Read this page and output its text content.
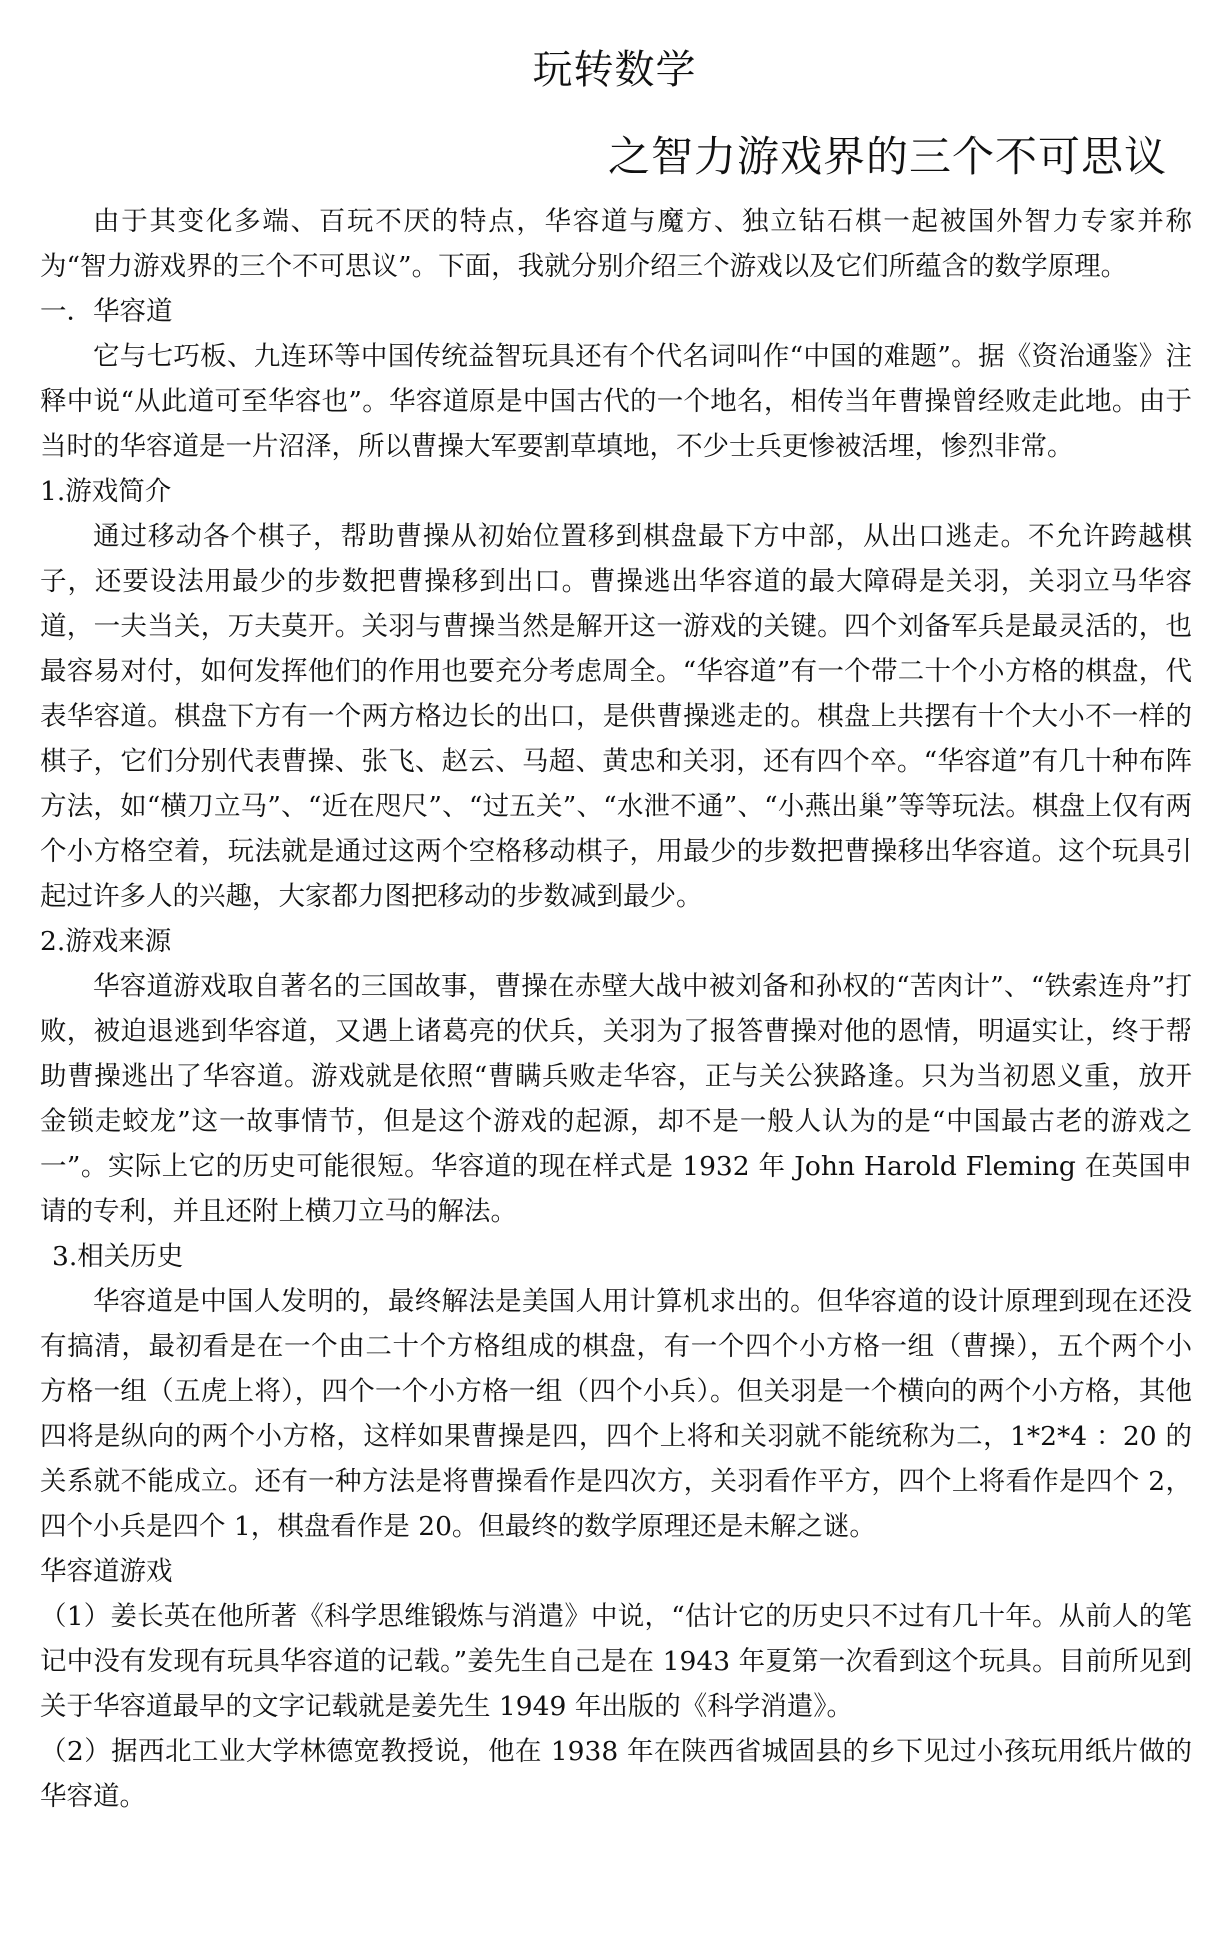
玩转数学
之智力游戏界的三个不可思议

由于其变化多端、百玩不厌的特点，华容道与魔方、独立钻石棋一起被国外智力专家并称为“智力游戏界的三个不可思议”。下面，我就分别介绍三个游戏以及它们所蕴含的数学原理。

一．华容道

它与七巧板、九连环等中国传统益智玩具还有个代名词叫作“中国的难题”。据《资治通鉴》注释中说“从此道可至华容也”。华容道原是中国古代的一个地名，相传当年曹操曾经败走此地。由于当时的华容道是一片沼泽，所以曹操大军要割草填地，不少士兵更惨被活埋，惨烈非常。

1.游戏简介

通过移动各个棋子，帮助曹操从初始位置移到棋盘最下方中部，从出口逃走。不允许跨越棋子，还要设法用最少的步数把曹操移到出口。曹操逃出华容道的最大障碍是关羽，关羽立马华容道，一夫当关，万夫莫开。关羽与曹操当然是解开这一游戏的关键。四个刘备军兵是最灵活的，也最容易对付，如何发挥他们的作用也要充分考虑周全。“华容道”有一个带二十个小方格的棋盘，代表华容道。棋盘下方有一个两方格边长的出口，是供曹操逃走的。棋盘上共摆有十个大小不一样的棋子，它们分别代表曹操、张飞、赵云、马超、黄忠和关羽，还有四个卒。“华容道”有几十种布阵方法，如“横刀立马”、“近在咫尺”、“过五关”、“水泄不通”、“小燕出巢”等等玩法。棋盘上仅有两个小方格空着，玩法就是通过这两个空格移动棋子，用最少的步数把曹操移出华容道。这个玩具引起过许多人的兴趣，大家都力图把移动的步数减到最少。

2.游戏来源

华容道游戏取自著名的三国故事，曹操在赤壁大战中被刘备和孙权的“苦肉计”、“铁索连舟”打败，被迫退逃到华容道，又遇上诸葛亮的伏兵，关羽为了报答曹操对他的恩情，明逼实让，终于帮助曹操逃出了华容道。游戏就是依照“曹瞒兵败走华容，正与关公狭路逢。只为当初恩义重，放开金锁走蛟龙”这一故事情节，但是这个游戏的起源，却不是一般人认为的是“中国最古老的游戏之一”。实际上它的历史可能很短。华容道的现在样式是 1932 年 John Harold Fleming 在英国申请的专利，并且还附上横刀立马的解法。

3.相关历史

华容道是中国人发明的，最终解法是美国人用计算机求出的。但华容道的设计原理到现在还没有搞清，最初看是在一个由二十个方格组成的棋盘，有一个四个小方格一组（曹操），五个两个小方格一组（五虎上将），四个一个小方格一组（四个小兵）。但关羽是一个横向的两个小方格，其他四将是纵向的两个小方格，这样如果曹操是四，四个上将和关羽就不能统称为二，1*2*4 ：20 的关系就不能成立。还有一种方法是将曹操看作是四次方，关羽看作平方，四个上将看作是四个 2，四个小兵是四个 1，棋盘看作是 20。但最终的数学原理还是未解之谜。

华容道游戏

（1）姜长英在他所著《科学思维锻炼与消遣》中说，“估计它的历史只不过有几十年。从前人的笔记中没有发现有玩具华容道的记载。”姜先生自己是在 1943 年夏第一次看到这个玩具。目前所见到关于华容道最早的文字记载就是姜先生 1949 年出版的《科学消遣》。

（2）据西北工业大学林德宽教授说，他在 1938 年在陕西省城固县的乡下见过小孩玩用纸片做的华容道。
